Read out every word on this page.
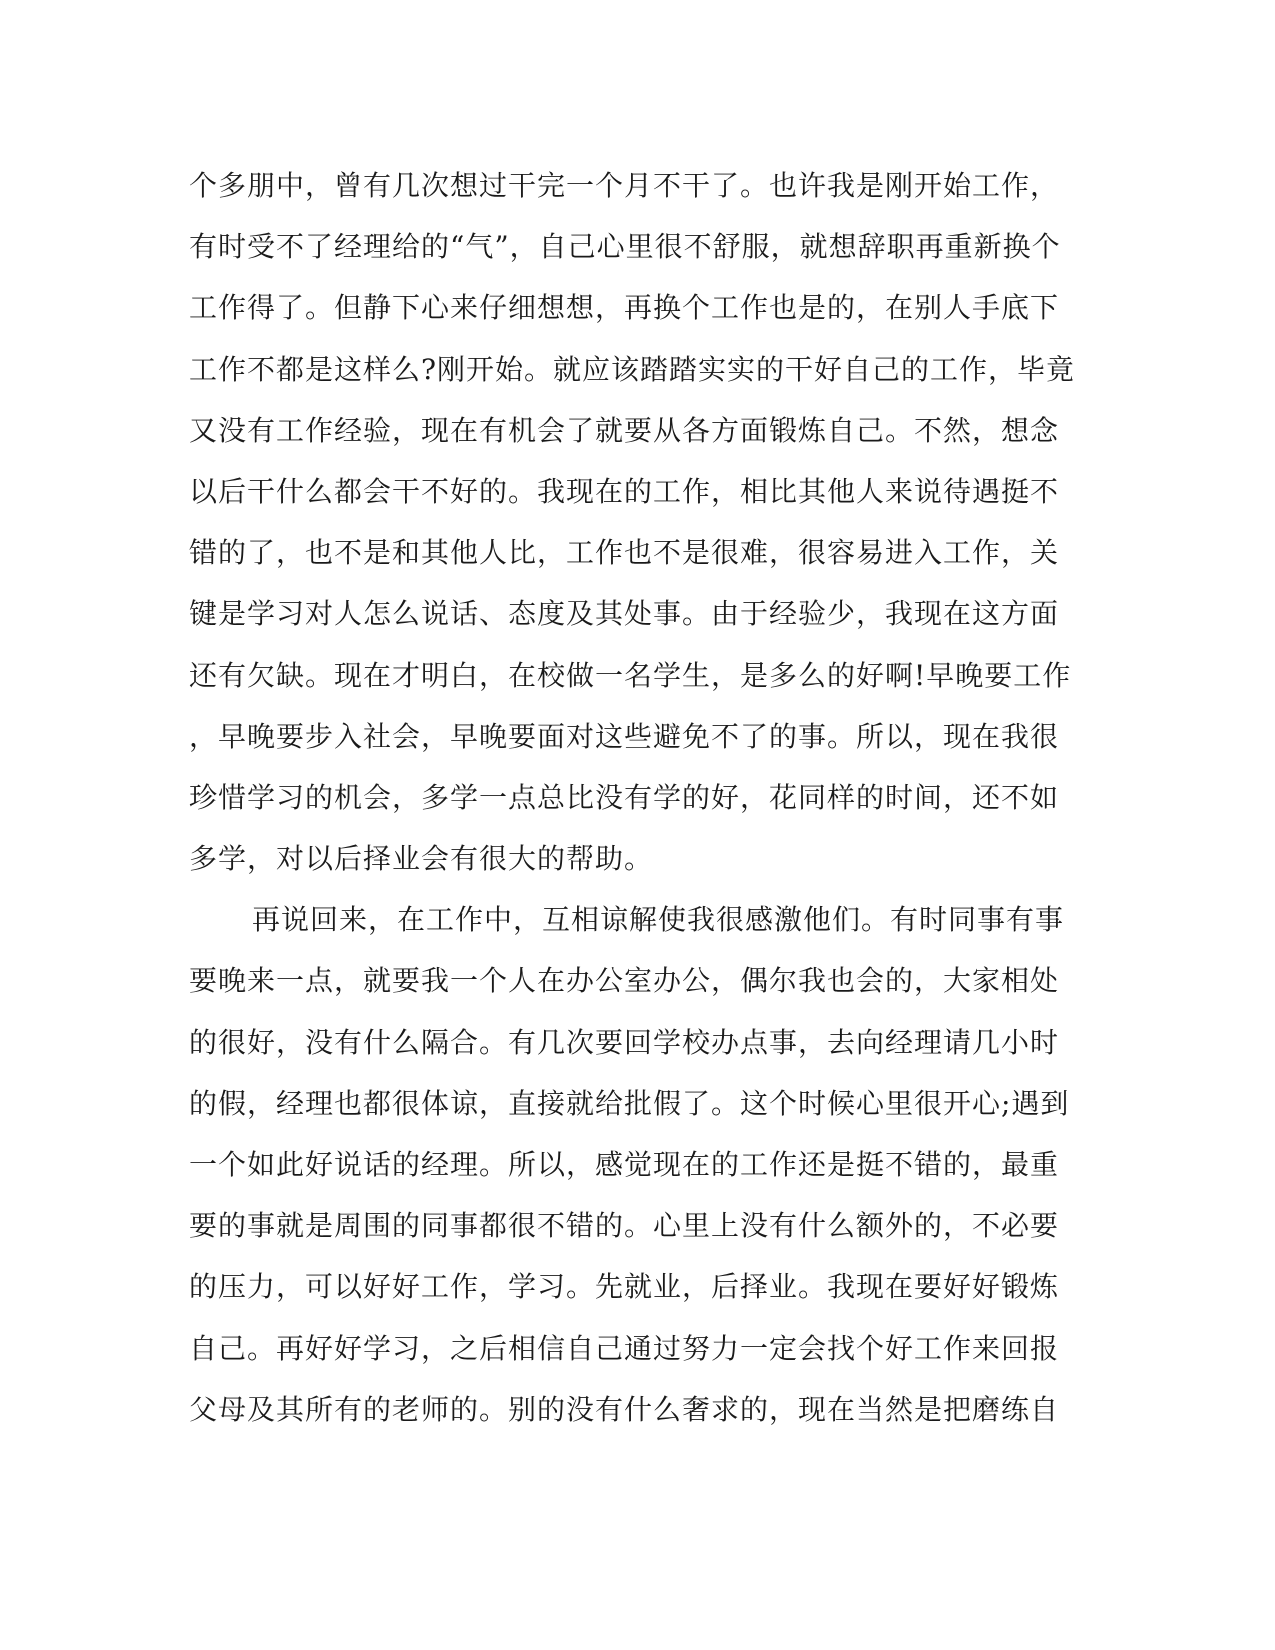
个多朋中，曾有几次想过干完一个月不干了。也许我是刚开始工作，
有时受不了经理给的“气”，自己心里很不舒服，就想辞职再重新换个
工作得了。但静下心来仔细想想，再换个工作也是的，在别人手底下
工作不都是这样么?刚开始。就应该踏踏实实的干好自己的工作，毕竟
又没有工作经验，现在有机会了就要从各方面锻炼自己。不然，想念
以后干什么都会干不好的。我现在的工作，相比其他人来说待遇挺不
错的了，也不是和其他人比，工作也不是很难，很容易进入工作，关
键是学习对人怎么说话、态度及其处事。由于经验少，我现在这方面
还有欠缺。现在才明白，在校做一名学生，是多么的好啊!早晚要工作
，早晚要步入社会，早晚要面对这些避免不了的事。所以，现在我很
珍惜学习的机会，多学一点总比没有学的好，花同样的时间，还不如
多学，对以后择业会有很大的帮助。
再说回来，在工作中，互相谅解使我很感激他们。有时同事有事
要晚来一点，就要我一个人在办公室办公，偶尔我也会的，大家相处
的很好，没有什么隔合。有几次要回学校办点事，去向经理请几小时
的假，经理也都很体谅，直接就给批假了。这个时候心里很开心;遇到
一个如此好说话的经理。所以，感觉现在的工作还是挺不错的，最重
要的事就是周围的同事都很不错的。心里上没有什么额外的，不必要
的压力，可以好好工作，学习。先就业，后择业。我现在要好好锻炼
自己。再好好学习，之后相信自己通过努力一定会找个好工作来回报
父母及其所有的老师的。别的没有什么奢求的，现在当然是把磨练自
